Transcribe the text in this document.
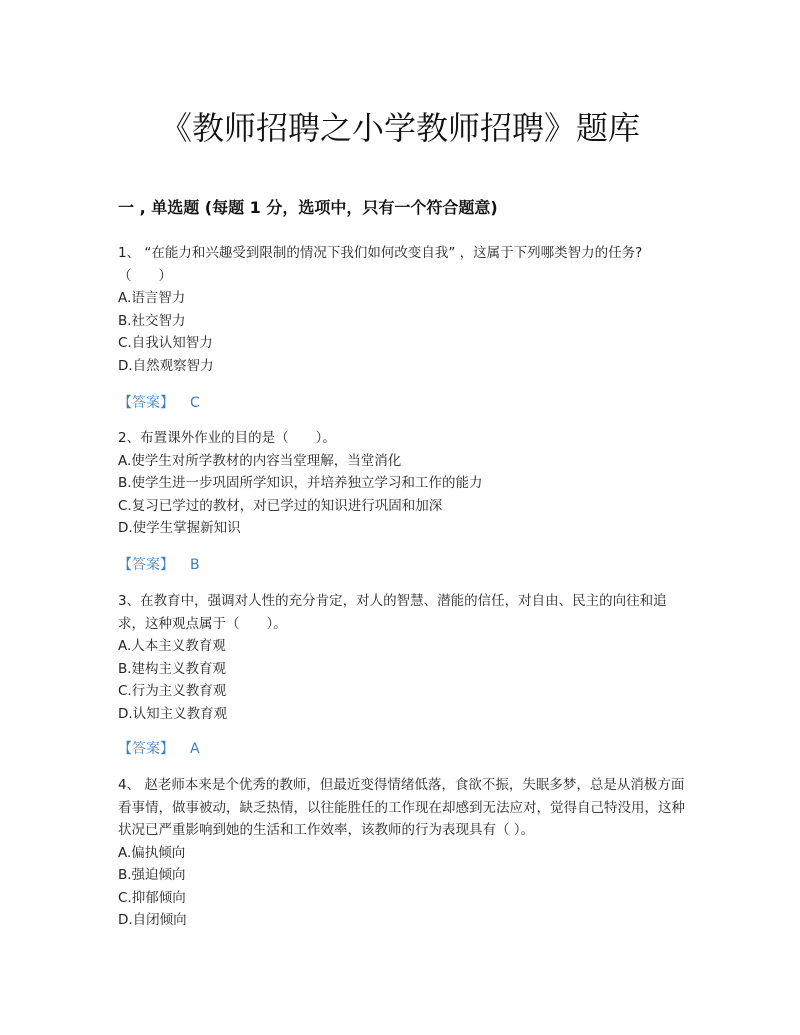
《教师招聘之小学教师招聘》题库
一 , 单选题 (每题 1 分，选项中，只有一个符合题意)

1、 “在能力和兴趣受到限制的情况下我们如何改变自我” ，这属于下列哪类智力的任务?（　　）

A.语言智力

B.社交智力

C.自我认知智力

D.自然观察智力

【答案】 C

2、布置课外作业的目的是（　　）。

A.使学生对所学教材的内容当堂理解，当堂消化

B.使学生进一步巩固所学知识，并培养独立学习和工作的能力

C.复习已学过的教材，对已学过的知识进行巩固和加深

D.使学生掌握新知识

【答案】 B

3、在教育中，强调对人性的充分肯定，对人的智慧、潜能的信任，对自由、民主的向往和追求，这种观点属于（　　）。

A.人本主义教育观

B.建构主义教育观

C.行为主义教育观

D.认知主义教育观

【答案】 A

4、 赵老师本来是个优秀的教师，但最近变得情绪低落，食欲不振，失眠多梦，总是从消极方面看事情，做事被动，缺乏热情，以往能胜任的工作现在却感到无法应对，觉得自己特没用，这种状况已严重影响到她的生活和工作效率，该教师的行为表现具有（ ）。

A.偏执倾向

B.强迫倾向

C.抑郁倾向

D.自闭倾向
